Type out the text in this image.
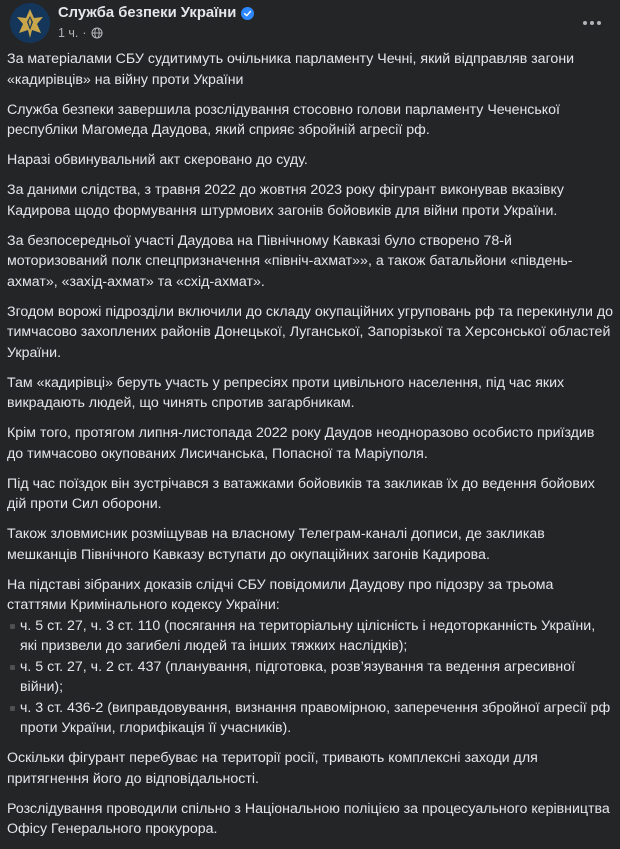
Служба безпеки України
1 ч. ·

За матеріалами СБУ судитимуть очільника парламенту Чечні, який відправляв загони «кадирівців» на війну проти України

Служба безпеки завершила розслідування стосовно голови парламенту Чеченської республіки Магомеда Даудова, який сприяє збройній агресії рф.

Наразі обвинувальний акт скеровано до суду.

За даними слідства, з травня 2022 до жовтня 2023 року фігурант виконував вказівку Кадирова щодо формування штурмових загонів бойовиків для війни проти України.

За безпосередньої участі Даудова на Північному Кавказі було створено 78-й моторизований полк спецпризначення «північ-ахмат»», а також батальйони «південь-ахмат», «захід-ахмат» та «схід-ахмат».

Згодом ворожі підрозділи включили до складу окупаційних угруповань рф та перекинули до тимчасово захоплених районів Донецької, Луганської, Запорізької та Херсонської областей України.

Там «кадирівці» беруть участь у репресіях проти цивільного населення, під час яких викрадають людей, що чинять спротив загарбникам.

Крім того, протягом липня-листопада 2022 року Даудов неодноразово особисто приїздив до тимчасово окупованих Лисичанська, Попасної та Маріуполя.

Під час поїздок він зустрічався з ватажками бойовиків та закликав їх до ведення бойових дій проти Сил оборони.

Також зловмисник розміщував на власному Телеграм-каналі дописи, де закликав мешканців Північного Кавказу вступати до окупаційних загонів Кадирова.

На підставі зібраних доказів слідчі СБУ повідомили Даудову про підозру за трьома статтями Кримінального кодексу України:

ч. 5 ст. 27, ч. 3 ст. 110 (посягання на територіальну цілісність і недоторканність України, які призвели до загибелі людей та інших тяжких наслідків);
ч. 5 ст. 27, ч. 2 ст. 437 (планування, підготовка, розв’язування та ведення агресивної війни);
ч. 3 ст. 436-2 (виправдовування, визнання правомірною, заперечення збройної агресії рф проти України, глорифікація її учасників).

Оскільки фігурант перебуває на території росії, тривають комплексні заходи для притягнення його до відповідальності.

Розслідування проводили спільно з Національною поліцією за процесуального керівництва Офісу Генерального прокурора.
